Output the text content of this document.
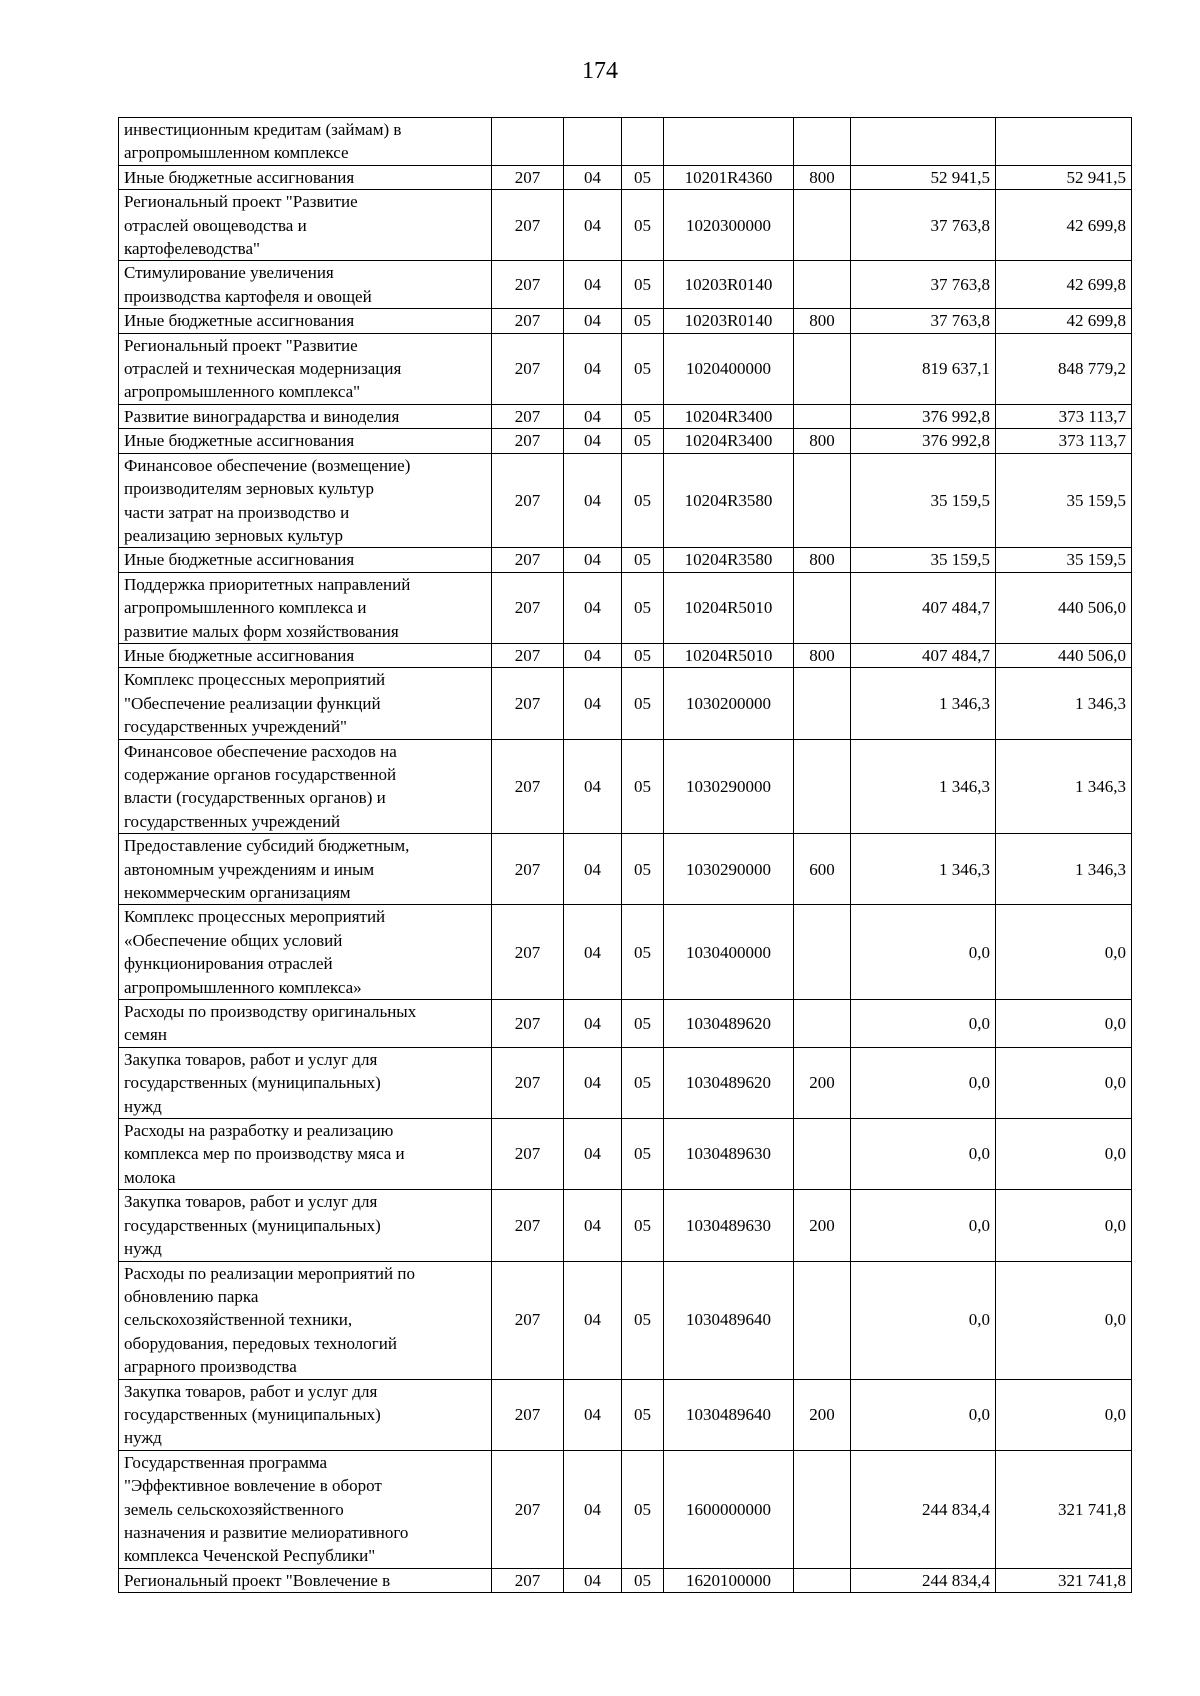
174
инвестиционным кредитам (займам) в
агропромышленном комплексе							
Иные бюджетные ассигнования	207	04	05	10201R4360	800	52 941,5	52 941,5
Региональный проект "Развитие
отраслей овощеводства и
картофелеводства"	207	04	05	1020300000		37 763,8	42 699,8
Стимулирование увеличения
производства картофеля и овощей	207	04	05	10203R0140		37 763,8	42 699,8
Иные бюджетные ассигнования	207	04	05	10203R0140	800	37 763,8	42 699,8
Региональный проект "Развитие
отраслей и техническая модернизация
агропромышленного комплекса"	207	04	05	1020400000		819 637,1	848 779,2
Развитие виноградарства и виноделия	207	04	05	10204R3400		376 992,8	373 113,7
Иные бюджетные ассигнования	207	04	05	10204R3400	800	376 992,8	373 113,7
Финансовое обеспечение (возмещение)
производителям зерновых культур
части затрат на производство и
реализацию зерновых культур	207	04	05	10204R3580		35 159,5	35 159,5
Иные бюджетные ассигнования	207	04	05	10204R3580	800	35 159,5	35 159,5
Поддержка приоритетных направлений
агропромышленного комплекса и
развитие малых форм хозяйствования	207	04	05	10204R5010		407 484,7	440 506,0
Иные бюджетные ассигнования	207	04	05	10204R5010	800	407 484,7	440 506,0
Комплекс процессных мероприятий
"Обеспечение реализации функций
государственных учреждений"	207	04	05	1030200000		1 346,3	1 346,3
Финансовое обеспечение расходов на
содержание органов государственной
власти (государственных органов) и
государственных учреждений	207	04	05	1030290000		1 346,3	1 346,3
Предоставление субсидий бюджетным,
автономным учреждениям и иным
некоммерческим организациям	207	04	05	1030290000	600	1 346,3	1 346,3
Комплекс процессных мероприятий
«Обеспечение общих условий
функционирования отраслей
агропромышленного комплекса»	207	04	05	1030400000		0,0	0,0
Расходы по производству оригинальных
семян	207	04	05	1030489620		0,0	0,0
Закупка товаров, работ и услуг для
государственных (муниципальных)
нужд	207	04	05	1030489620	200	0,0	0,0
Расходы на разработку и реализацию
комплекса мер по производству мяса и
молока	207	04	05	1030489630		0,0	0,0
Закупка товаров, работ и услуг для
государственных (муниципальных)
нужд	207	04	05	1030489630	200	0,0	0,0
Расходы по реализации мероприятий по
обновлению парка
сельскохозяйственной техники,
оборудования, передовых технологий
аграрного производства	207	04	05	1030489640		0,0	0,0
Закупка товаров, работ и услуг для
государственных (муниципальных)
нужд	207	04	05	1030489640	200	0,0	0,0
Государственная программа
"Эффективное вовлечение в оборот
земель сельскохозяйственного
назначения и развитие мелиоративного
комплекса Чеченской Республики"	207	04	05	1600000000		244 834,4	321 741,8
Региональный проект "Вовлечение в	207	04	05	1620100000		244 834,4	321 741,8
